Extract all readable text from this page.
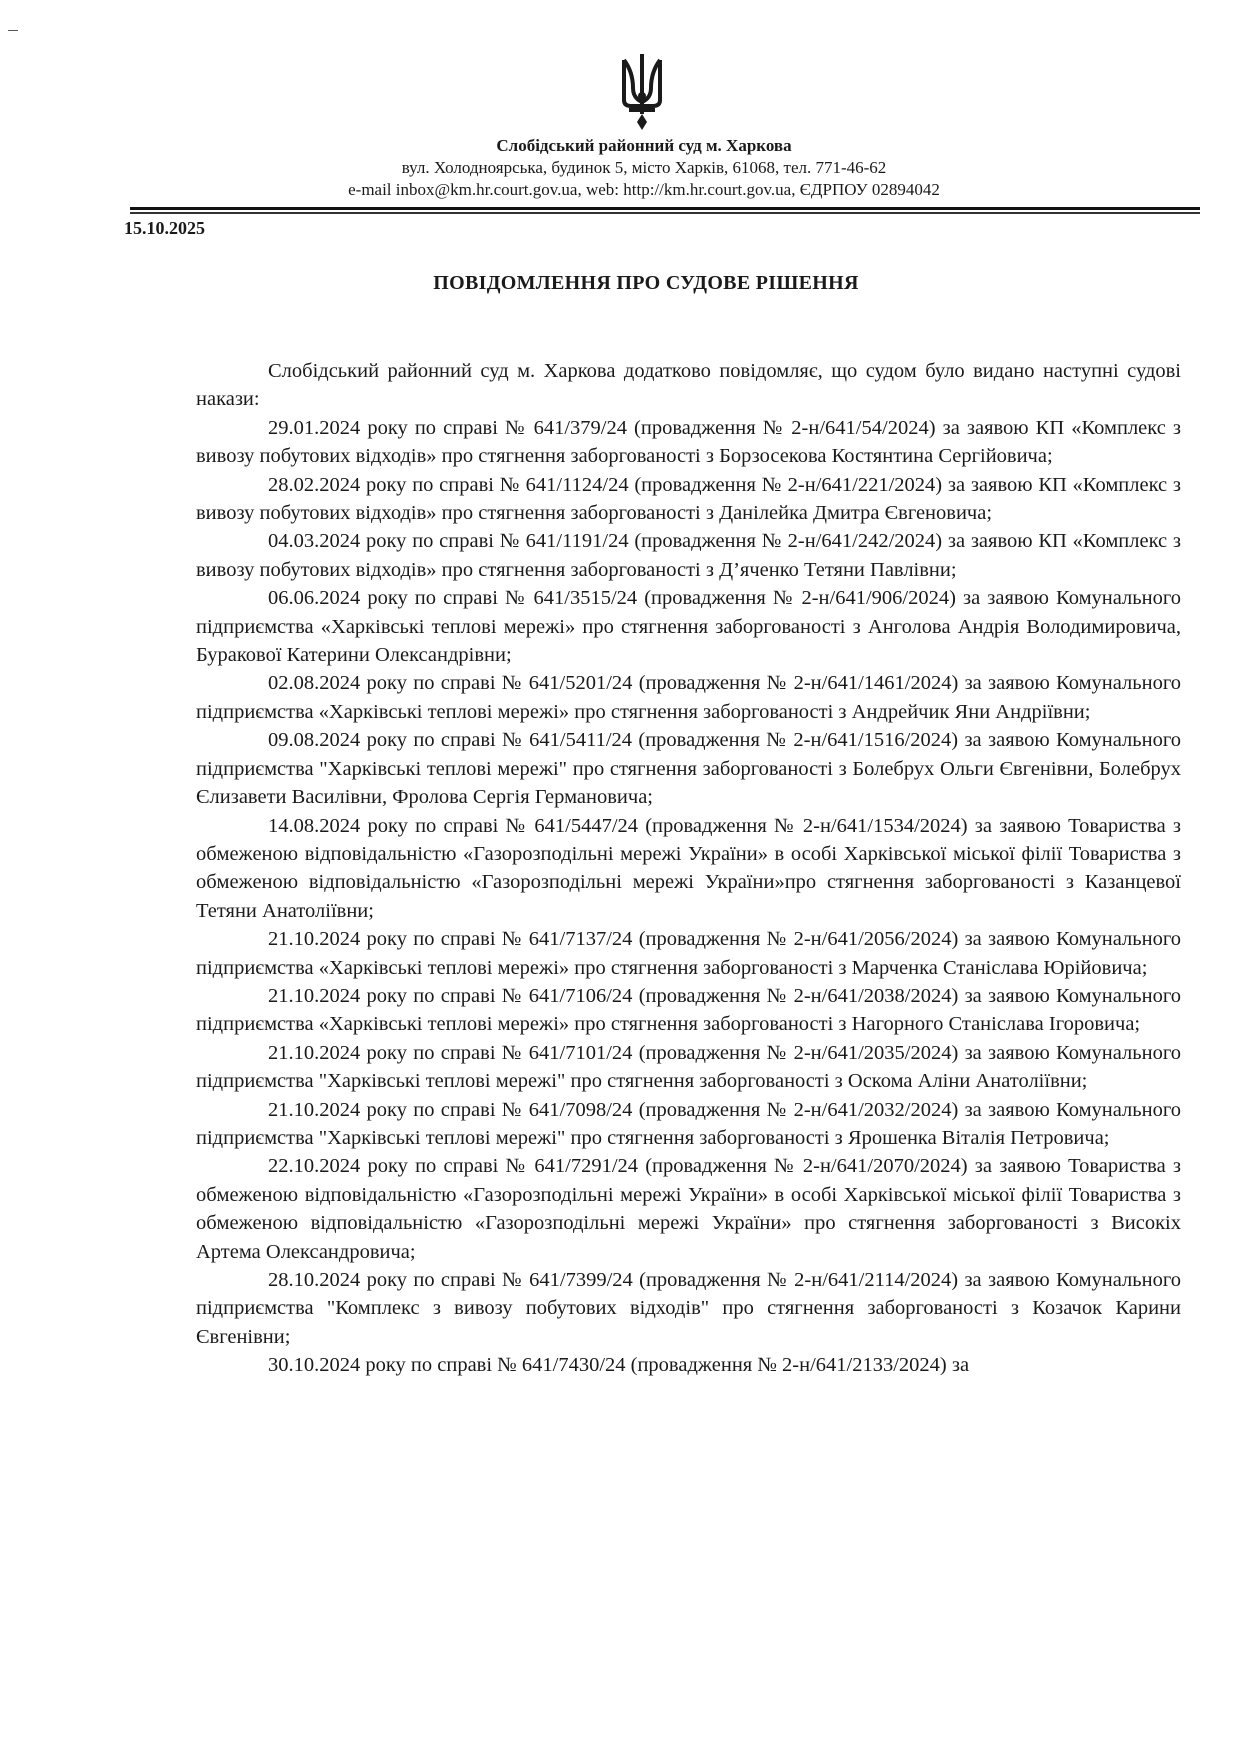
Слобідський районний суд м. Харкова
вул. Холодноярська, будинок 5, місто Харків, 61068, тел. 771-46-62
e-mail inbox@km.hr.court.gov.ua, web: http://km.hr.court.gov.ua, ЄДРПОУ 02894042
15.10.2025
ПОВІДОМЛЕННЯ ПРО СУДОВЕ РІШЕННЯ

Слобідський районний суд м. Харкова додатково повідомляє, що судом було видано наступні судові накази:

29.01.2024 року по справі № 641/379/24 (провадження № 2-н/641/54/2024) за заявою КП «Комплекс з вивозу побутових відходів» про стягнення заборгованості з Борзосекова Костянтина Сергійовича;

28.02.2024 року по справі № 641/1124/24 (провадження № 2-н/641/221/2024) за заявою КП «Комплекс з вивозу побутових відходів» про стягнення заборгованості з Данілейка Дмитра Євгеновича;

04.03.2024 року по справі № 641/1191/24 (провадження № 2-н/641/242/2024) за заявою КП «Комплекс з вивозу побутових відходів» про стягнення заборгованості з Д’яченко Тетяни Павлівни;

06.06.2024 року по справі № 641/3515/24 (провадження № 2-н/641/906/2024) за заявою Комунального підприємства «Харківські теплові мережі» про стягнення заборгованості з Анголова Андрія Володимировича, Буракової Катерини Олександрівни;

02.08.2024 року по справі № 641/5201/24 (провадження № 2-н/641/1461/2024) за заявою Комунального підприємства «Харківські теплові мережі» про стягнення заборгованості з Андрейчик Яни Андріївни;

09.08.2024 року по справі № 641/5411/24 (провадження № 2-н/641/1516/2024) за заявою Комунального підприємства "Харківські теплові мережі" про стягнення заборгованості з Болебрух Ольги Євгенівни, Болебрух Єлизавети Василівни, Фролова Сергія Германовича;

14.08.2024 року по справі № 641/5447/24 (провадження № 2-н/641/1534/2024) за заявою Товариства з обмеженою відповідальністю «Газорозподільні мережі України» в особі Харківської міської філії Товариства з обмеженою відповідальністю «Газорозподільні мережі України»про стягнення заборгованості з Казанцевої Тетяни Анатоліївни;

21.10.2024 року по справі № 641/7137/24 (провадження № 2-н/641/2056/2024) за заявою Комунального підприємства «Харківські теплові мережі» про стягнення заборгованості з Марченка Станіслава Юрійовича;

21.10.2024 року по справі № 641/7106/24 (провадження № 2-н/641/2038/2024) за заявою Комунального підприємства «Харківські теплові мережі» про стягнення заборгованості з Нагорного Станіслава Ігоровича;

21.10.2024 року по справі № 641/7101/24 (провадження № 2-н/641/2035/2024) за заявою Комунального підприємства "Харківські теплові мережі" про стягнення заборгованості з Оскома Аліни Анатоліївни;

21.10.2024 року по справі № 641/7098/24 (провадження № 2-н/641/2032/2024) за заявою Комунального підприємства "Харківські теплові мережі" про стягнення заборгованості з Ярошенка Віталія Петровича;

22.10.2024 року по справі № 641/7291/24 (провадження № 2-н/641/2070/2024) за заявою Товариства з обмеженою відповідальністю «Газорозподільні мережі України» в особі Харківської міської філії Товариства з обмеженою відповідальністю «Газорозподільні мережі України» про стягнення заборгованості з Високіх Артема Олександровича;

28.10.2024 року по справі № 641/7399/24 (провадження № 2-н/641/2114/2024) за заявою Комунального підприємства "Комплекс з вивозу побутових відходів" про стягнення заборгованості з Козачок Карини Євгенівни;

30.10.2024 року по справі № 641/7430/24 (провадження № 2-н/641/2133/2024) за
